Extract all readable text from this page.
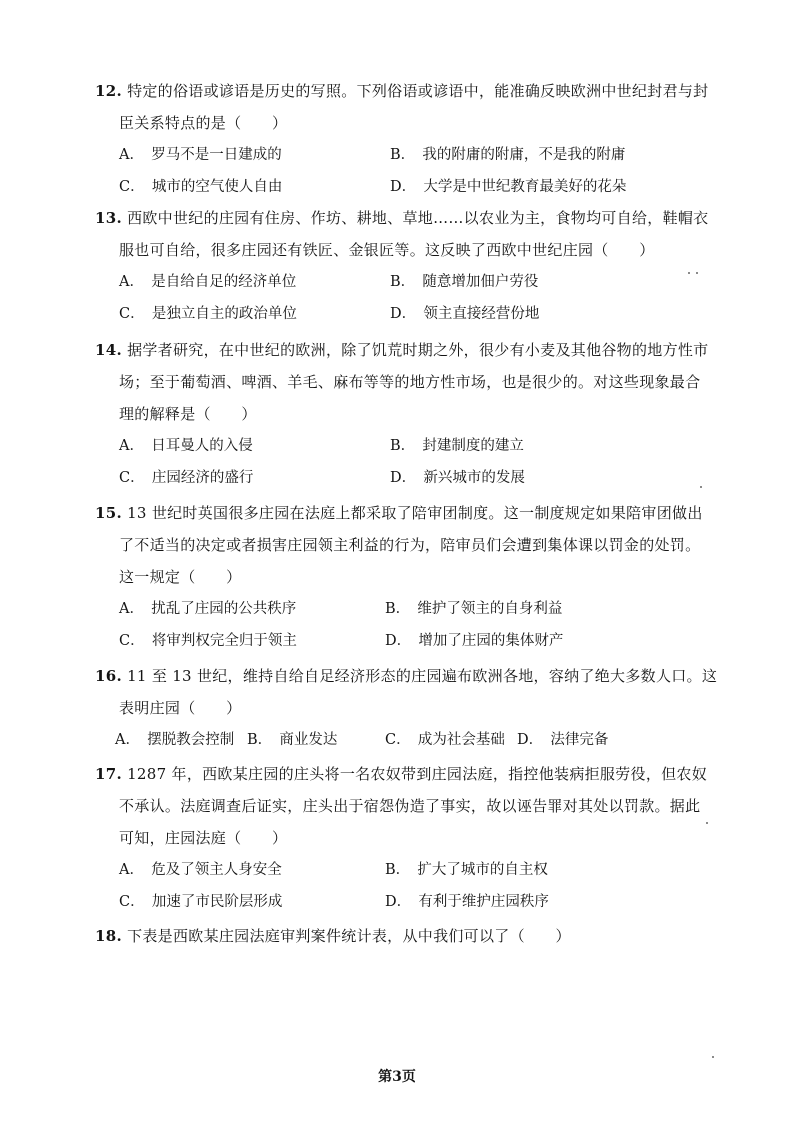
12. 特定的俗语或谚语是历史的写照。下列俗语或谚语中，能准确反映欧洲中世纪封君与封
臣关系特点的是（　　）
A．　罗马不是一日建成的	B．　我的附庸的附庸，不是我的附庸
C．　城市的空气使人自由	D．　大学是中世纪教育最美好的花朵
13. 西欧中世纪的庄园有住房、作坊、耕地、草地……以农业为主，食物均可自给，鞋帽衣
服也可自给，很多庄园还有铁匠、金银匠等。这反映了西欧中世纪庄园（　　）
A．　是自给自足的经济单位	B．　随意增加佃户劳役
C．　是独立自主的政治单位	D．　领主直接经营份地
14. 据学者研究，在中世纪的欧洲，除了饥荒时期之外，很少有小麦及其他谷物的地方性市
场；至于葡萄酒、啤酒、羊毛、麻布等等的地方性市场，也是很少的。对这些现象最合
理的解释是（　　）
A．　日耳曼人的入侵	B．　封建制度的建立
C．　庄园经济的盛行	D．　新兴城市的发展
15. 13 世纪时英国很多庄园在法庭上都采取了陪审团制度。这一制度规定如果陪审团做出
了不适当的决定或者损害庄园领主利益的行为，陪审员们会遭到集体课以罚金的处罚。
这一规定（　　）
A．　扰乱了庄园的公共秩序	B．　维护了领主的自身利益
C．　将审判权完全归于领主	D．　增加了庄园的集体财产
16. 11 至 13 世纪，维持自给自足经济形态的庄园遍布欧洲各地，容纳了绝大多数人口。这
表明庄园（　　）
A．　摆脱教会控制 B．　商业发达	C．　成为社会基础 D．　法律完备
17. 1287 年，西欧某庄园的庄头将一名农奴带到庄园法庭，指控他装病拒服劳役，但农奴
不承认。法庭调查后证实，庄头出于宿怨伪造了事实，故以诬告罪对其处以罚款。据此
可知，庄园法庭（　　）
A．　危及了领主人身安全	B．　扩大了城市的自主权
C．　加速了市民阶层形成	D．　有利于维护庄园秩序
18. 下表是西欧某庄园法庭审判案件统计表，从中我们可以了（　　）
第3页
